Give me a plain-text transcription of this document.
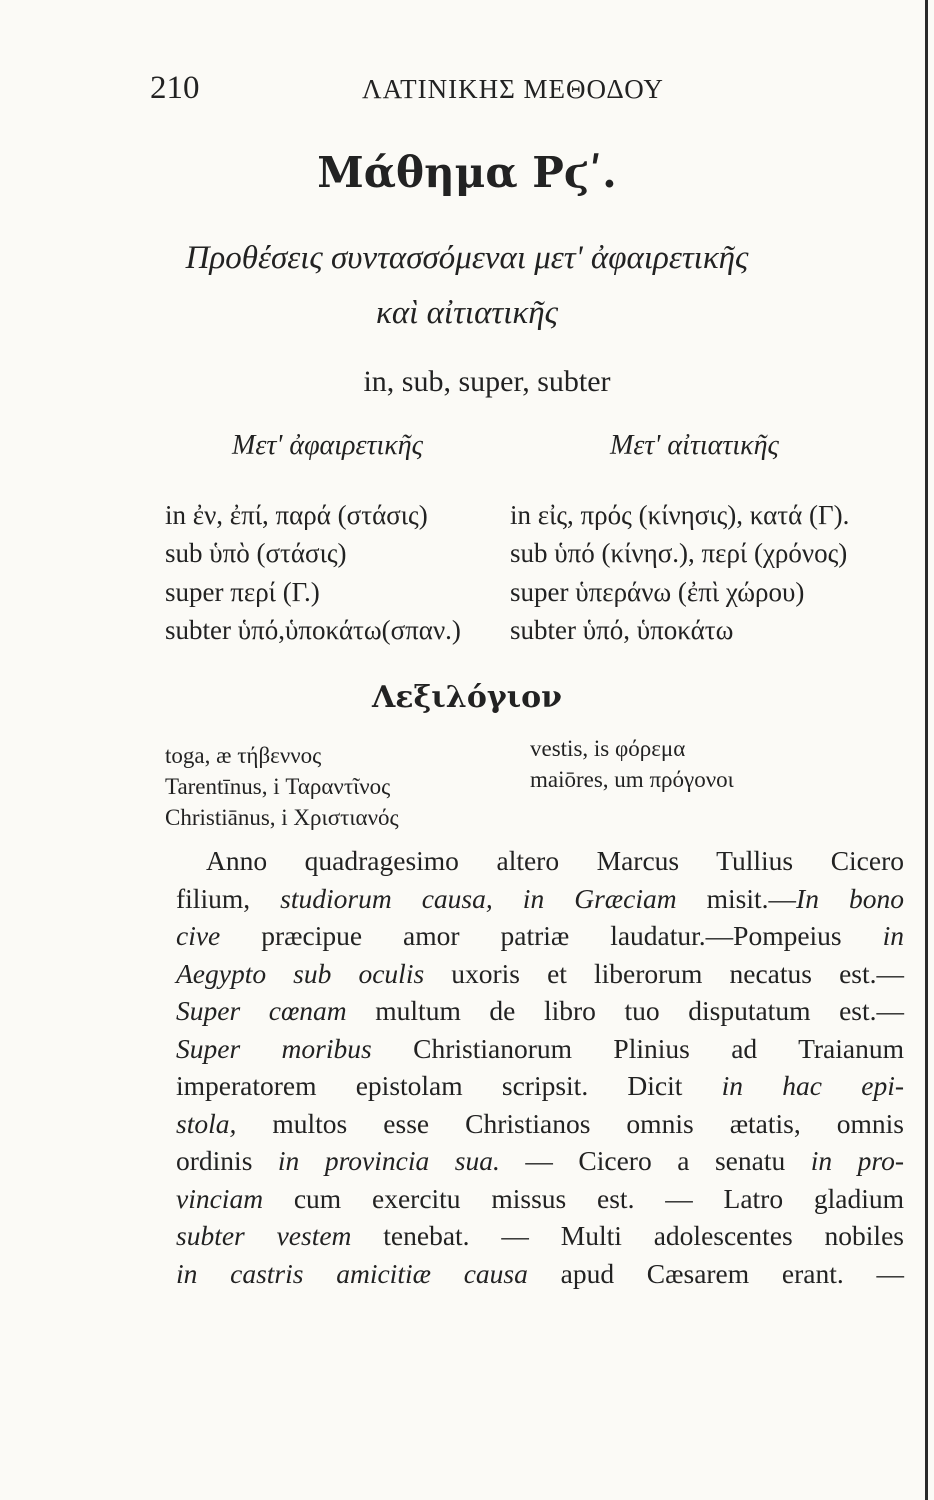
210	ΛΑΤΙΝΙΚΗΣ ΜΕΘΟΔΟΥ
Μάθημα Ρϛʹ.
Προθέσεις συντασσόμεναι μετ' ἀφαιρετικῆς
καὶ αἰτιατικῆς
in, sub, super, subter
Μετ' ἀφαιρετικῆς	Μετ' αἰτιατικῆς
in ἐν, ἐπί, παρά (στάσις)
sub ὑπὸ (στάσις)
super περί (Γ.)
subter ὑπό,ὑποκάτω(σπαν.)
in εἰς, πρός (κίνησις), κατά (Γ).
sub ὑπό (κίνησ.), περί (χρόνος)
super ὑπεράνω (ἐπὶ χώρου)
subter ὑπό, ὑποκάτω
Λεξιλόγιον
toga, æ τήβεννος
Tarentīnus, i Ταραντῖνος
Christiānus, i Χριστιανός
vestis, is φόρεμα
maiōres, um πρόγονοι
Anno quadragesimo altero Marcus Tullius Cicero
filium, studiorum causa, in Græciam misit.—In bono
cive præcipue amor patriæ laudatur.—Pompeius in
Aegypto sub oculis uxoris et liberorum necatus est.—
Super cœnam multum de libro tuo disputatum est.—
Super moribus Christianorum Plinius ad Traianum
imperatorem epistolam scripsit. Dicit in hac epi-
stola, multos esse Christianos omnis ætatis, omnis
ordinis in provincia sua. — Cicero a senatu in pro-
vinciam cum exercitu missus est. — Latro gladium
subter vestem tenebat. — Multi adolescentes nobiles
in castris amicitiæ causa apud Cæsarem erant. —
